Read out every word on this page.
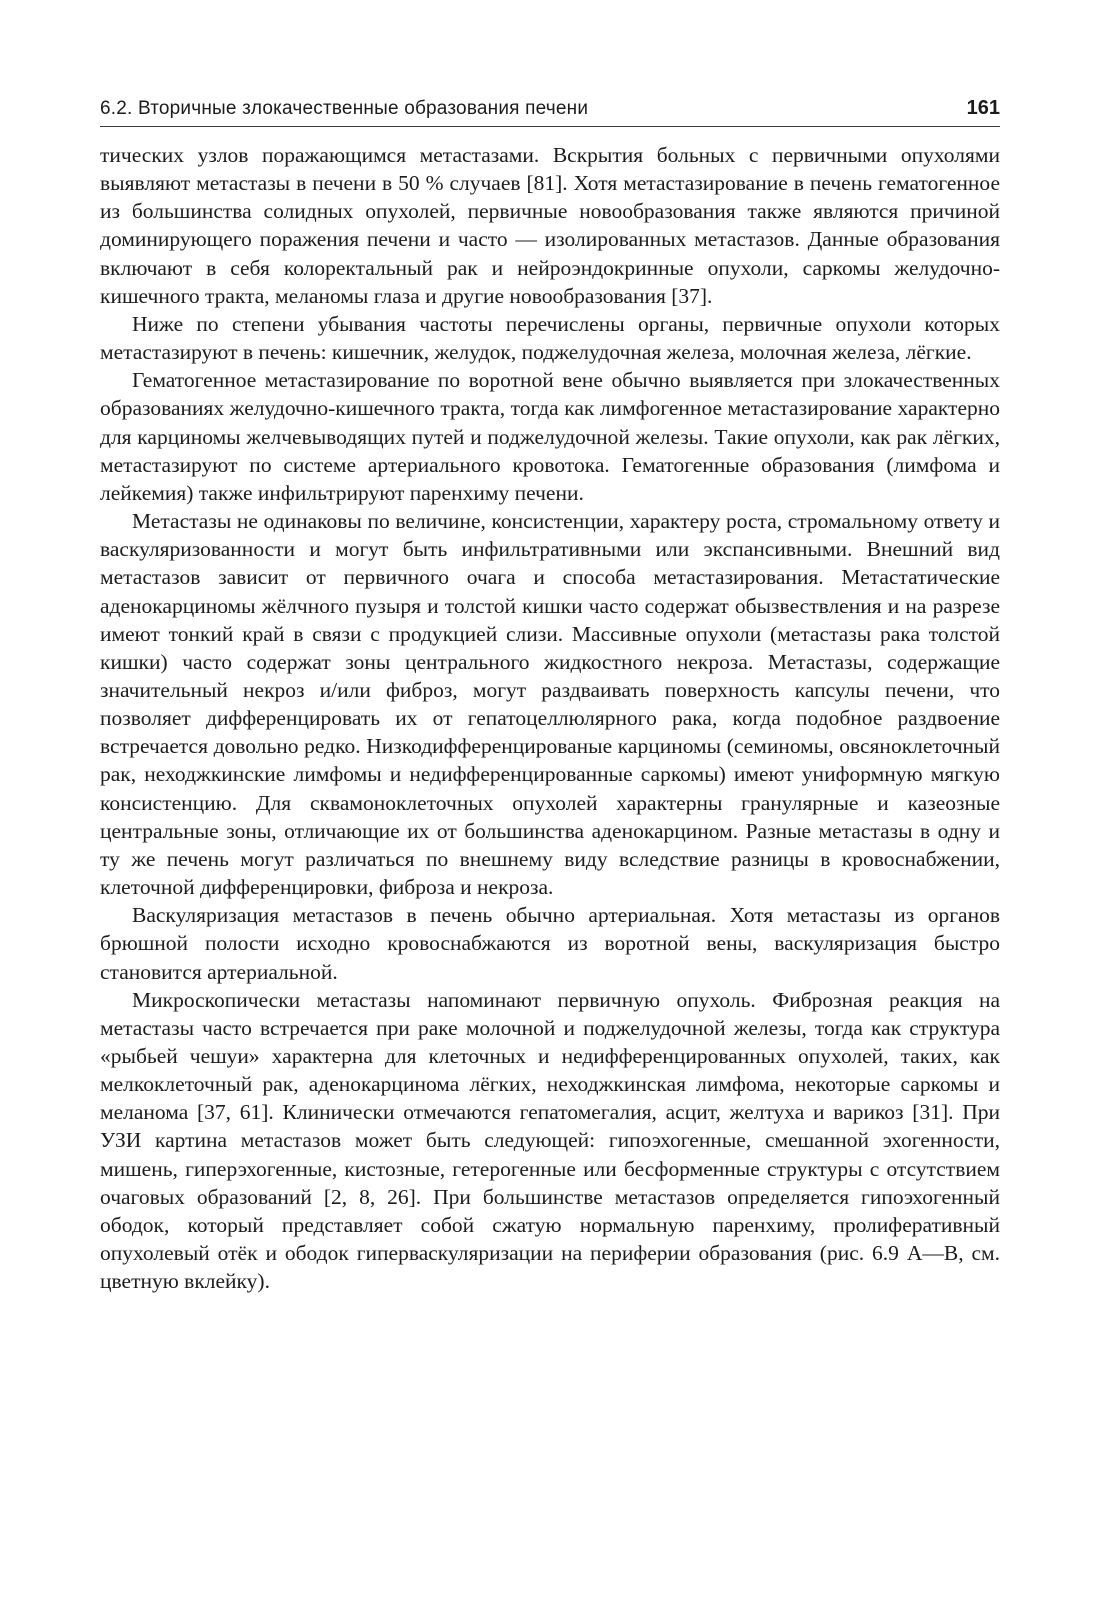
6.2. Вторичные злокачественные образования печени	161

тических узлов поражающимся метастазами. Вскрытия больных с первичными опухолями выявляют метастазы в печени в 50 % случаев [81]. Хотя метастазирование в печень гематогенное из большинства солидных опухолей, первичные новообразования также являются причиной доминирующего поражения печени и часто — изолированных метастазов. Данные образования включают в себя колоректальный рак и нейроэндокринные опухоли, саркомы желудочно-кишечного тракта, меланомы глаза и другие новообразования [37].

Ниже по степени убывания частоты перечислены органы, первичные опухоли которых метастазируют в печень: кишечник, желудок, поджелудочная железа, молочная железа, лёгкие.

Гематогенное метастазирование по воротной вене обычно выявляется при злокачественных образованиях желудочно-кишечного тракта, тогда как лимфогенное метастазирование характерно для карциномы желчевыводящих путей и поджелудочной железы. Такие опухоли, как рак лёгких, метастазируют по системе артериального кровотока. Гематогенные образования (лимфома и лейкемия) также инфильтрируют паренхиму печени.

Метастазы не одинаковы по величине, консистенции, характеру роста, стромальному ответу и васкуляризованности и могут быть инфильтративными или экспансивными. Внешний вид метастазов зависит от первичного очага и способа метастазирования. Метастатические аденокарциномы жёлчного пузыря и толстой кишки часто содержат обызвествления и на разрезе имеют тонкий край в связи с продукцией слизи. Массивные опухоли (метастазы рака толстой кишки) часто содержат зоны центрального жидкостного некроза. Метастазы, содержащие значительный некроз и/или фиброз, могут раздваивать поверхность капсулы печени, что позволяет дифференцировать их от гепатоцеллюлярного рака, когда подобное раздвоение встречается довольно редко. Низкодифференцированые карциномы (семиномы, овсяноклеточный рак, неходжкинские лимфомы и недифференцированные саркомы) имеют униформную мягкую консистенцию. Для сквамоноклеточных опухолей характерны гранулярные и казеозные центральные зоны, отличающие их от большинства аденокарцином. Разные метастазы в одну и ту же печень могут различаться по внешнему виду вследствие разницы в кровоснабжении, клеточной дифференцировки, фиброза и некроза.

Васкуляризация метастазов в печень обычно артериальная. Хотя метастазы из органов брюшной полости исходно кровоснабжаются из воротной вены, васкуляризация быстро становится артериальной.

Микроскопически метастазы напоминают первичную опухоль. Фиброзная реакция на метастазы часто встречается при раке молочной и поджелудочной железы, тогда как структура «рыбьей чешуи» характерна для клеточных и недифференцированных опухолей, таких, как мелкоклеточный рак, аденокарцинома лёгких, неходжкинская лимфома, некоторые саркомы и меланома [37, 61]. Клинически отмечаются гепатомегалия, асцит, желтуха и варикоз [31]. При УЗИ картина метастазов может быть следующей: гипоэхогенные, смешанной эхогенности, мишень, гиперэхогенные, кистозные, гетерогенные или бесформенные структуры с отсутствием очаговых образований [2, 8, 26]. При большинстве метастазов определяется гипоэхогенный ободок, который представляет собой сжатую нормальную паренхиму, пролиферативный опухолевый отёк и ободок гиперваскуляризации на периферии образования (рис. 6.9 А—В, см. цветную вклейку).
